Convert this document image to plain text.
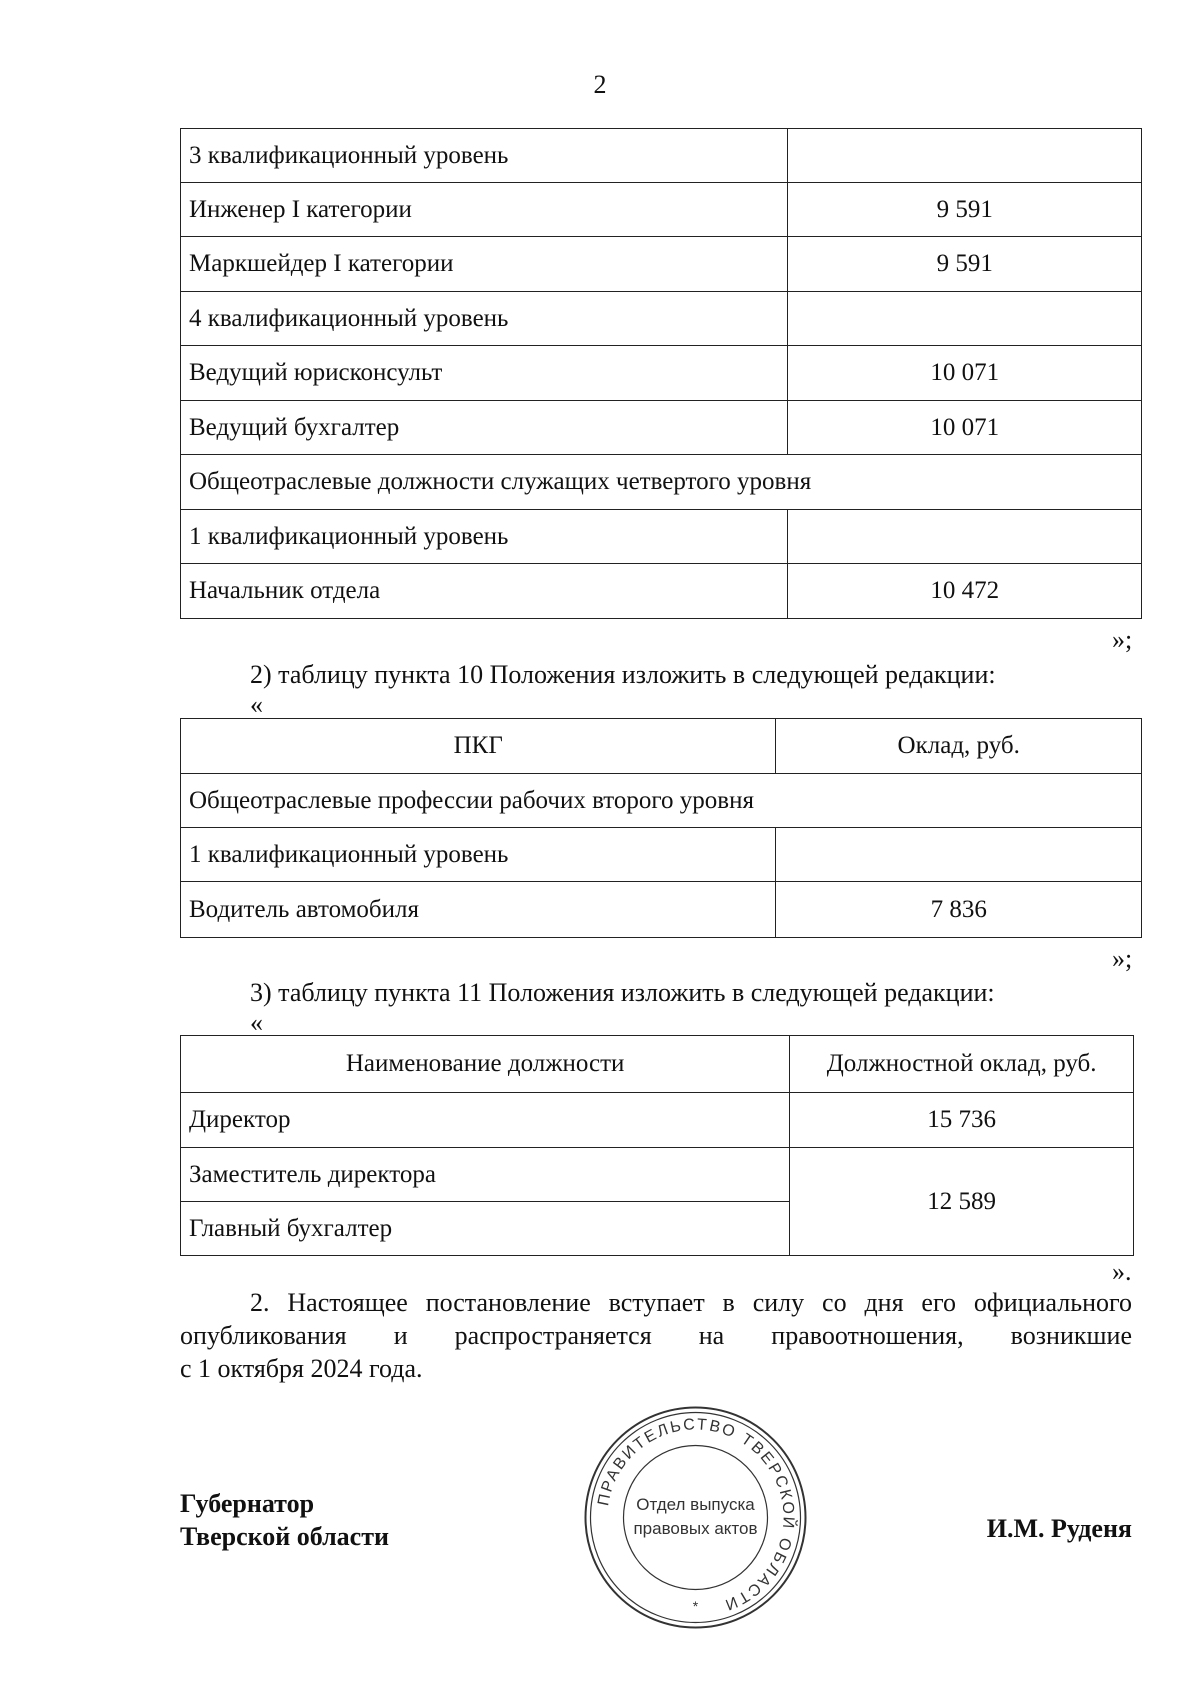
2
3 квалификационный уровень	
Инженер I категории	9 591
Маркшейдер I категории	9 591
4 квалификационный уровень	
Ведущий юрисконсульт	10 071
Ведущий бухгалтер	10 071
Общеотраслевые должности служащих четвертого уровня	
1 квалификационный уровень	
Начальник отдела	10 472
»;
2) таблицу пункта 10 Положения изложить в следующей редакции:
«
ПКГ	Оклад, руб.
Общеотраслевые профессии рабочих второго уровня	
1 квалификационный уровень	
Водитель автомобиля	7 836
»;
3) таблицу пункта 11 Положения изложить в следующей редакции:
«
Наименование должности	Должностной оклад, руб.
Директор	15 736
Заместитель директора	12 589
Главный бухгалтер	
».
2. Настоящее постановление вступает в силу со дня его официального
опубликования и распространяется на правоотношения, возникшие
с 1 октября 2024 года.
Губернатор
Тверской области	И.М. Руденя
ПРАВИТЕЛЬСТВО ТВЕРСКОЙ ОБЛАСТИ
Отдел выпуска
правовых актов
*
